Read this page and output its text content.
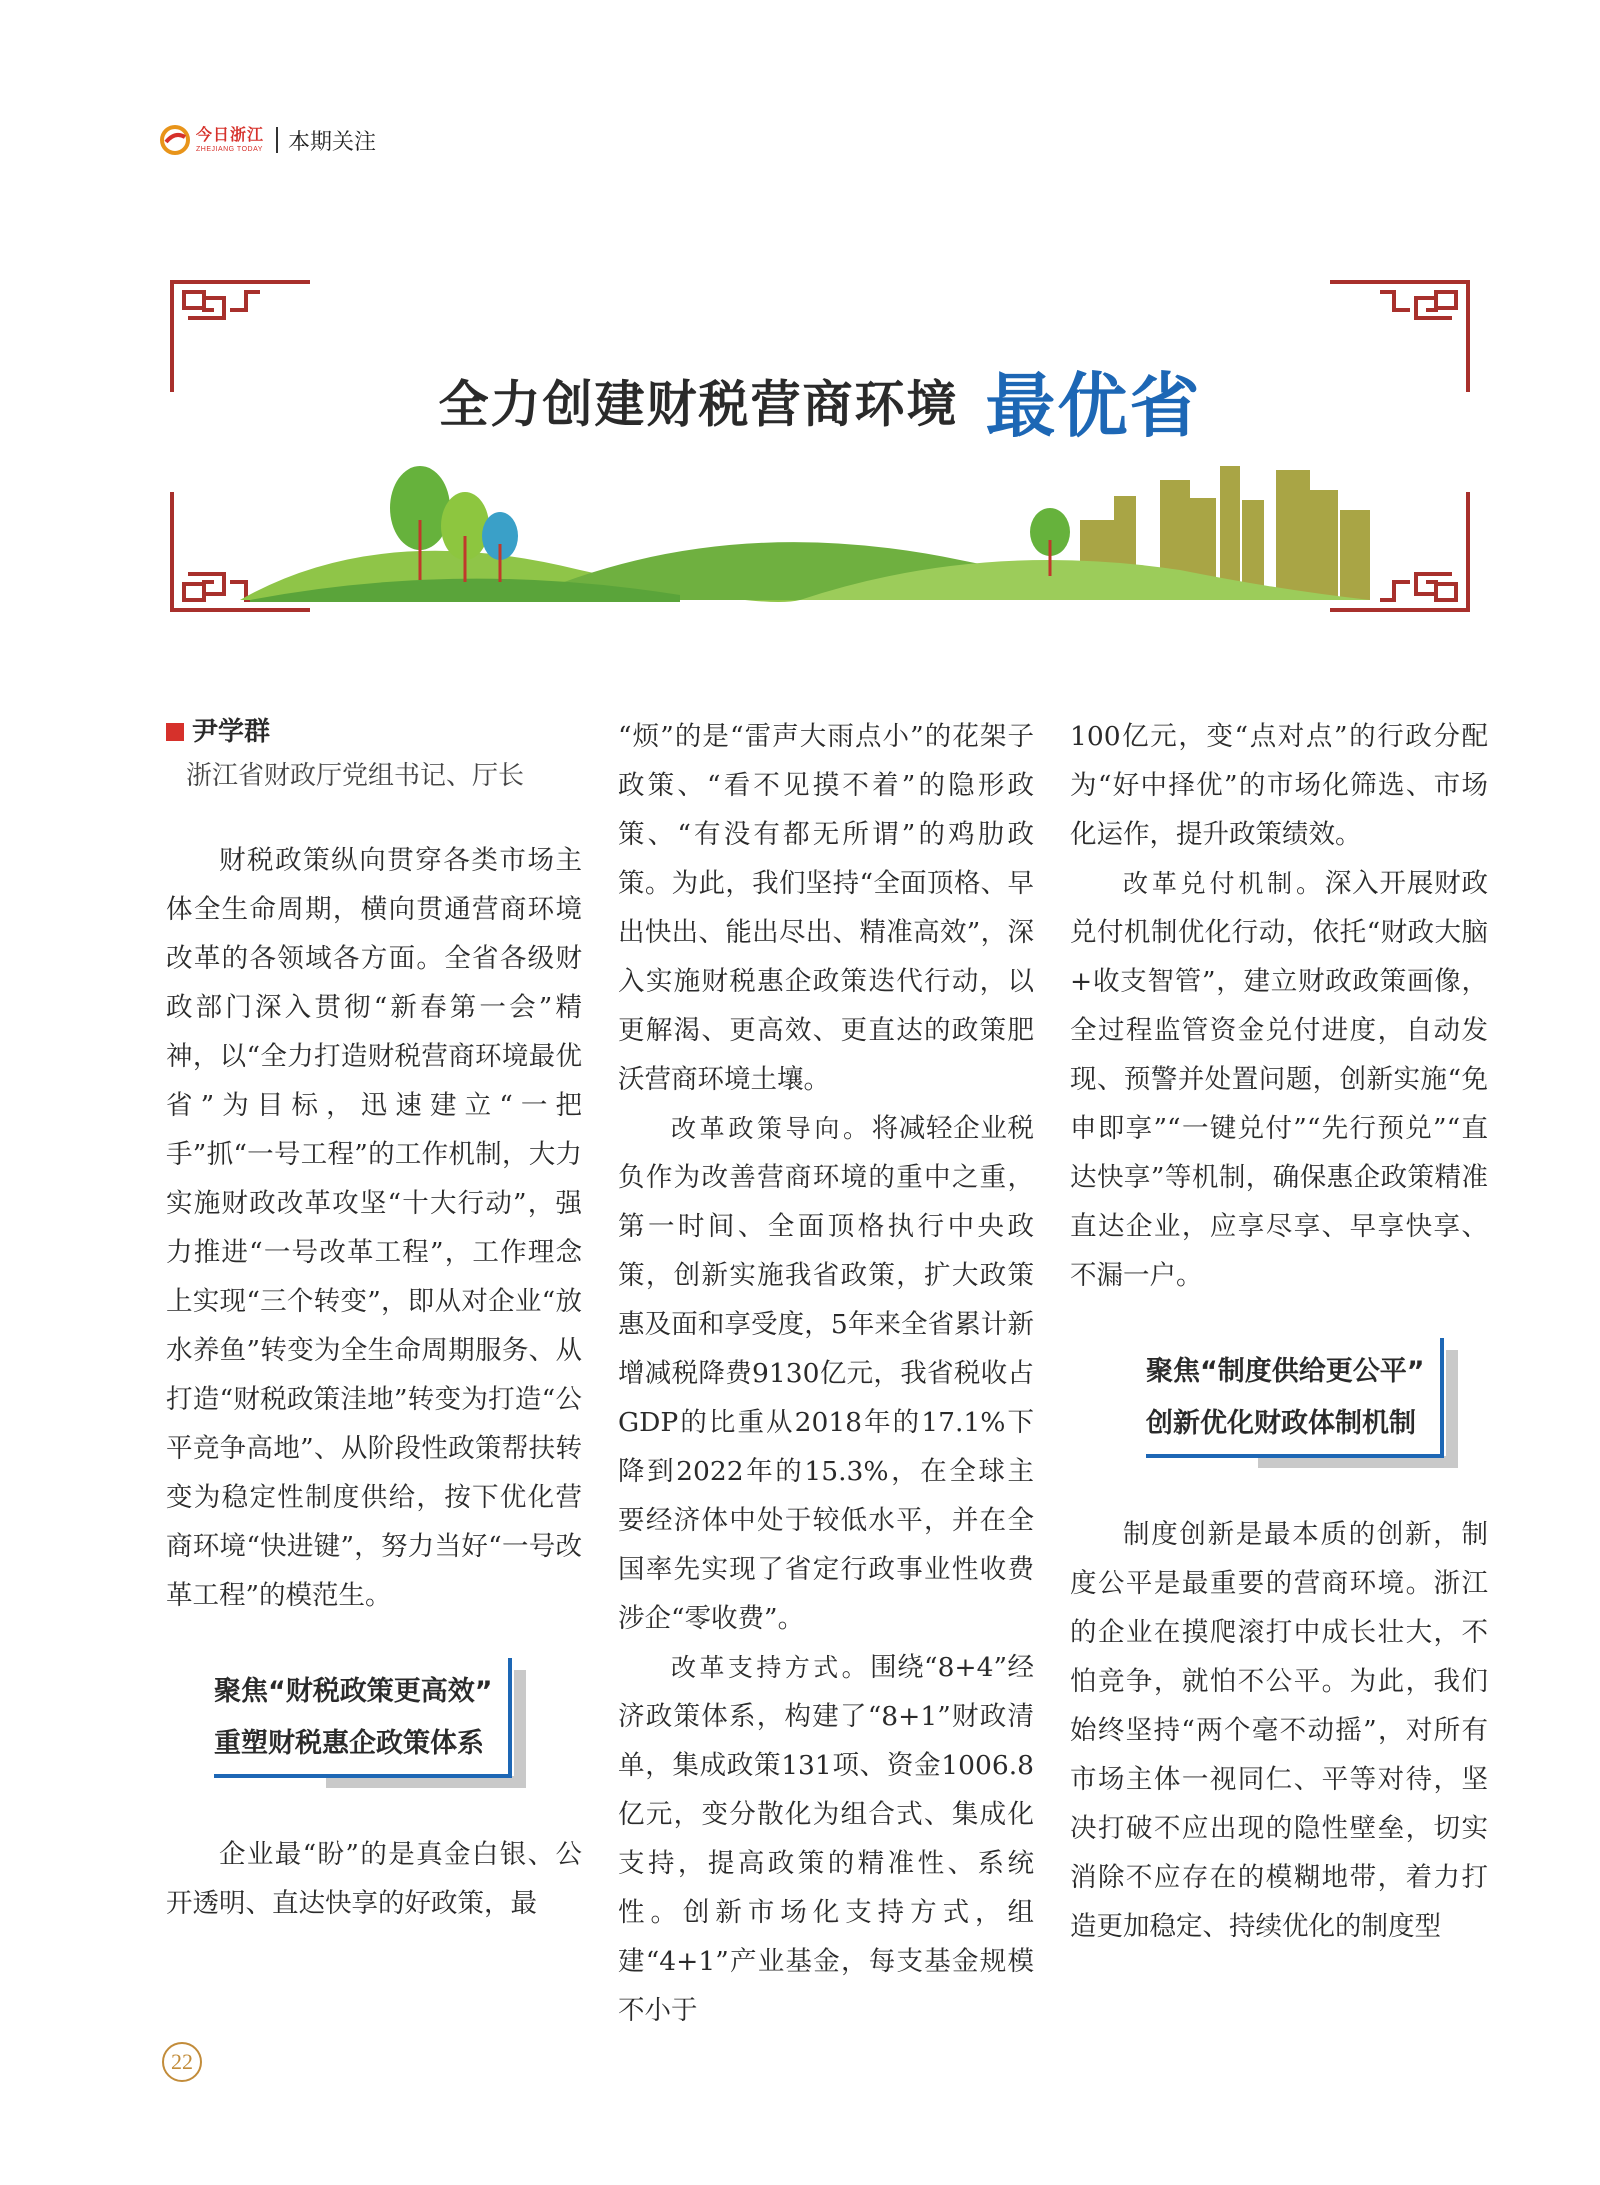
今日浙江
ZHEJIANG TODAY 本期关注
全力创建财税营商环境 最优省
尹学群
浙江省财政厅党组书记、厅长

财税政策纵向贯穿各类市场主体全生命周期，横向贯通营商环境改革的各领域各方面。全省各级财政部门深入贯彻“新春第一会”精神，以“全力打造财税营商环境最优省”为目标，迅速建立“一把手”抓“一号工程”的工作机制，大力实施财政改革攻坚“十大行动”，强力推进“一号改革工程”，工作理念上实现“三个转变”，即从对企业“放水养鱼”转变为全生命周期服务、从打造“财税政策洼地”转变为打造“公平竞争高地”、从阶段性政策帮扶转变为稳定性制度供给，按下优化营商环境“快进键”，努力当好“一号改革工程”的模范生。

聚焦“财税政策更高效”
重塑财税惠企政策体系

企业最“盼”的是真金白银、公开透明、直达快享的好政策，最

“烦”的是“雷声大雨点小”的花架子政策、“看不见摸不着”的隐形政策、“有没有都无所谓”的鸡肋政策。为此，我们坚持“全面顶格、早出快出、能出尽出、精准高效”，深入实施财税惠企政策迭代行动，以更解渴、更高效、更直达的政策肥沃营商环境土壤。

改革政策导向。将减轻企业税负作为改善营商环境的重中之重，第一时间、全面顶格执行中央政策，创新实施我省政策，扩大政策惠及面和享受度，5年来全省累计新增减税降费9130亿元，我省税收占GDP的比重从2018年的17.1%下降到2022年的15.3%，在全球主要经济体中处于较低水平，并在全国率先实现了省定行政事业性收费涉企“零收费”。

改革支持方式。围绕“8+4”经济政策体系，构建了“8+1”财政清单，集成政策131项、资金1006.8亿元，变分散化为组合式、集成化支持，提高政策的精准性、系统性。创新市场化支持方式，组建“4+1”产业基金，每支基金规模不小于

100亿元，变“点对点”的行政分配为“好中择优”的市场化筛选、市场化运作，提升政策绩效。

改革兑付机制。深入开展财政兑付机制优化行动，依托“财政大脑+收支智管”，建立财政政策画像，全过程监管资金兑付进度，自动发现、预警并处置问题，创新实施“免申即享”“一键兑付”“先行预兑”“直达快享”等机制，确保惠企政策精准直达企业，应享尽享、早享快享、不漏一户。

聚焦“制度供给更公平”
创新优化财政体制机制

制度创新是最本质的创新，制度公平是最重要的营商环境。浙江的企业在摸爬滚打中成长壮大，不怕竞争，就怕不公平。为此，我们始终坚持“两个毫不动摇”，对所有市场主体一视同仁、平等对待，坚决打破不应出现的隐性壁垒，切实消除不应存在的模糊地带，着力打造更加稳定、持续优化的制度型

22
